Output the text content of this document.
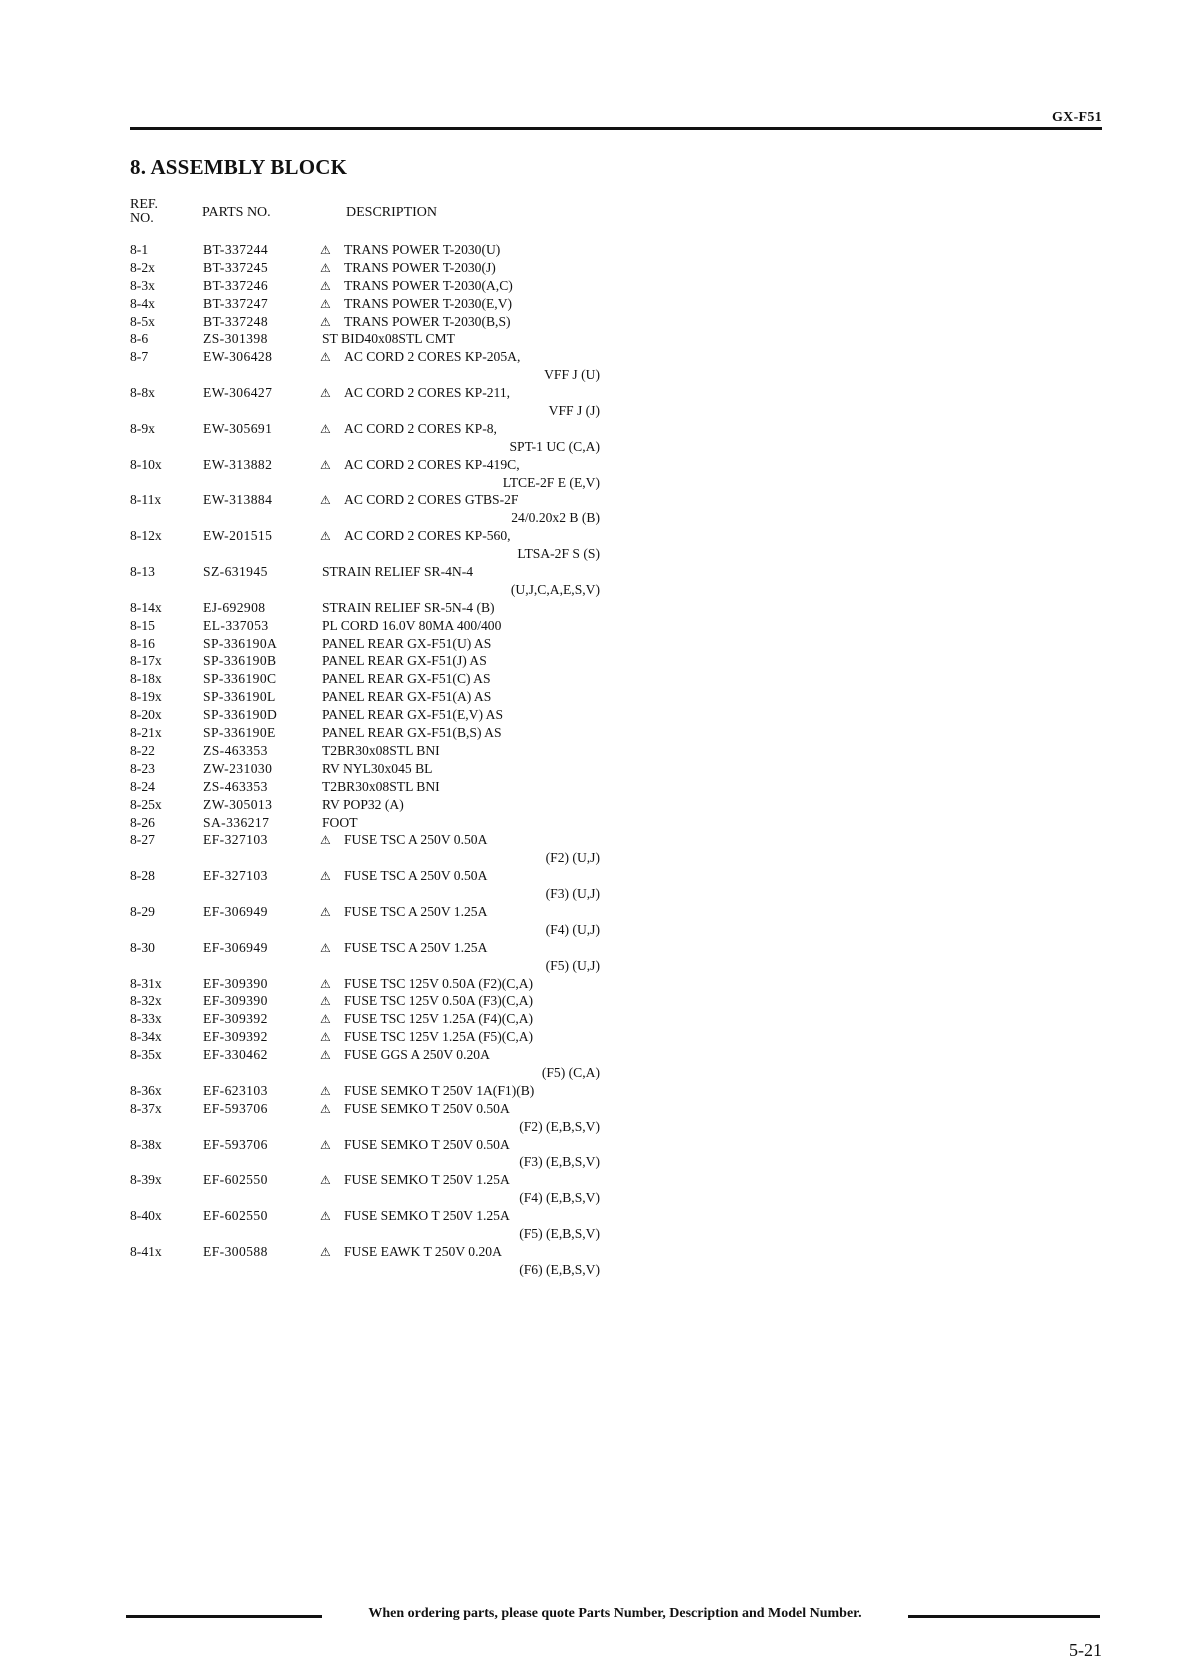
GX-F51
8. ASSEMBLY BLOCK
REF.
NO.	PARTS NO.	DESCRIPTION
8-1	BT-337244	⚠ TRANS POWER T-2030(U)
8-2x	BT-337245	⚠ TRANS POWER T-2030(J)
8-3x	BT-337246	⚠ TRANS POWER T-2030(A,C)
8-4x	BT-337247	⚠ TRANS POWER T-2030(E,V)
8-5x	BT-337248	⚠ TRANS POWER T-2030(B,S)
8-6	ZS-301398	ST BID40x08STL CMT
8-7	EW-306428	⚠ AC CORD 2 CORES KP-205A,
VFF J (U)
8-8x	EW-306427	⚠ AC CORD 2 CORES KP-211,
VFF J (J)
8-9x	EW-305691	⚠ AC CORD 2 CORES KP-8,
SPT-1 UC (C,A)
8-10x	EW-313882	⚠ AC CORD 2 CORES KP-419C,
LTCE-2F E (E,V)
8-11x	EW-313884	⚠ AC CORD 2 CORES GTBS-2F
24/0.20x2 B (B)
8-12x	EW-201515	⚠ AC CORD 2 CORES KP-560,
LTSA-2F S (S)
8-13	SZ-631945	STRAIN RELIEF SR-4N-4
(U,J,C,A,E,S,V)
8-14x	EJ-692908	STRAIN RELIEF SR-5N-4 (B)
8-15	EL-337053	PL CORD 16.0V 80MA 400/400
8-16	SP-336190A	PANEL REAR GX-F51(U) AS
8-17x	SP-336190B	PANEL REAR GX-F51(J) AS
8-18x	SP-336190C	PANEL REAR GX-F51(C) AS
8-19x	SP-336190L	PANEL REAR GX-F51(A) AS
8-20x	SP-336190D	PANEL REAR GX-F51(E,V) AS
8-21x	SP-336190E	PANEL REAR GX-F51(B,S) AS
8-22	ZS-463353	T2BR30x08STL BNI
8-23	ZW-231030	RV NYL30x045 BL
8-24	ZS-463353	T2BR30x08STL BNI
8-25x	ZW-305013	RV POP32 (A)
8-26	SA-336217	FOOT
8-27	EF-327103	⚠ FUSE TSC A 250V 0.50A
(F2) (U,J)
8-28	EF-327103	⚠ FUSE TSC A 250V 0.50A
(F3) (U,J)
8-29	EF-306949	⚠ FUSE TSC A 250V 1.25A
(F4) (U,J)
8-30	EF-306949	⚠ FUSE TSC A 250V 1.25A
(F5) (U,J)
8-31x	EF-309390	⚠ FUSE TSC 125V 0.50A (F2)(C,A)
8-32x	EF-309390	⚠ FUSE TSC 125V 0.50A (F3)(C,A)
8-33x	EF-309392	⚠ FUSE TSC 125V 1.25A (F4)(C,A)
8-34x	EF-309392	⚠ FUSE TSC 125V 1.25A (F5)(C,A)
8-35x	EF-330462	⚠ FUSE GGS A 250V 0.20A
(F5) (C,A)
8-36x	EF-623103	⚠ FUSE SEMKO T 250V 1A(F1)(B)
8-37x	EF-593706	⚠ FUSE SEMKO T 250V 0.50A
(F2) (E,B,S,V)
8-38x	EF-593706	⚠ FUSE SEMKO T 250V 0.50A
(F3) (E,B,S,V)
8-39x	EF-602550	⚠ FUSE SEMKO T 250V 1.25A
(F4) (E,B,S,V)
8-40x	EF-602550	⚠ FUSE SEMKO T 250V 1.25A
(F5) (E,B,S,V)
8-41x	EF-300588	⚠ FUSE EAWK T 250V 0.20A
(F6) (E,B,S,V)
When ordering parts, please quote Parts Number, Description and Model Number.
5-21
